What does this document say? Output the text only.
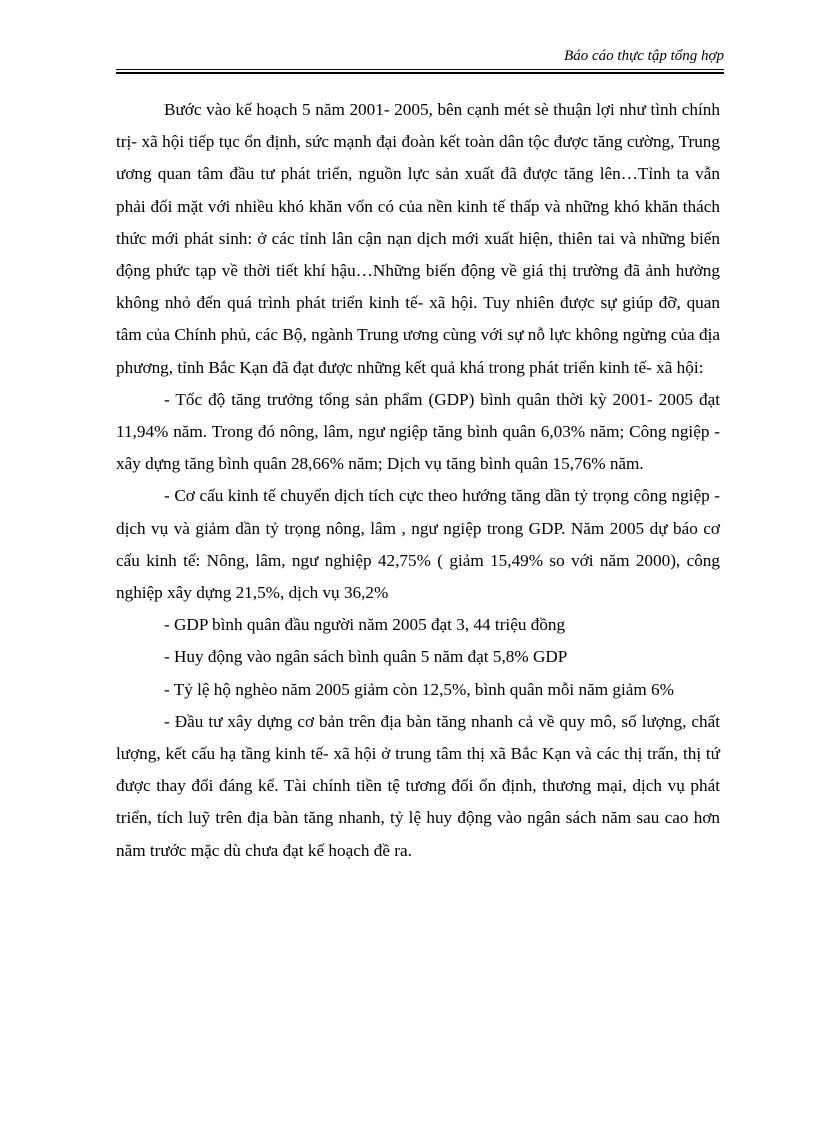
Báo cáo thực tập tổng hợp

Bước vào kế hoạch 5 năm 2001- 2005, bên cạnh mét sè thuận lợi như tình chính trị- xã hội tiếp tục ổn định, sức mạnh đại đoàn kết toàn dân tộc được tăng cường, Trung ương quan tâm đầu tư phát triển, nguồn lực sản xuất đã được tăng lên…Tỉnh ta vẫn phải đối mặt với nhiều khó khăn vốn có của nền kinh tế thấp và những khó khăn thách thức mới phát sinh: ở các tỉnh lân cận nạn dịch mới xuất hiện, thiên tai và những biến động phức tạp về thời tiết khí hậu…Những biến động về giá thị trường đã ảnh hưởng không nhỏ đến quá trình phát triển kinh tế- xã hội. Tuy nhiên được sự giúp đỡ, quan tâm của Chính phủ, các Bộ, ngành Trung ương cùng với sự nỗ lực không ngừng của địa phương, tỉnh Bắc Kạn đã đạt được những kết quả khá trong phát triển kinh tế- xã hội:

- Tốc độ tăng trưởng tổng sản phẩm (GDP) bình quân thời kỳ 2001- 2005 đạt 11,94% năm. Trong đó nông, lâm, ngư ngiệp tăng bình quân 6,03% năm; Công ngiệp - xây dựng tăng bình quân 28,66% năm; Dịch vụ tăng bình quân 15,76% năm.

- Cơ cấu kinh tế chuyển dịch tích cực theo hướng tăng dần tỷ trọng công ngiệp - dịch vụ và giảm dần tỷ trọng nông, lâm , ngư ngiệp trong GDP. Năm 2005 dự báo cơ cấu kinh tế: Nông, lâm, ngư nghiệp 42,75% ( giảm 15,49% so với năm 2000), công nghiệp xây dựng 21,5%, dịch vụ 36,2%

- GDP bình quân đầu người năm 2005 đạt 3, 44 triệu đồng

- Huy động vào ngân sách bình quân 5 năm đạt 5,8% GDP

- Tỷ lệ hộ nghèo năm 2005 giảm còn 12,5%, bình quân mỗi năm giảm 6%

- Đầu tư xây dựng cơ bản trên địa bàn tăng nhanh cả về quy mô, số lượng, chất lượng, kết cấu hạ tầng kinh tế- xã hội ở trung tâm thị xã Bắc Kạn và các thị trấn, thị tứ được thay đổi đáng kể. Tài chính tiền tệ tương đối ổn định, thương mại, dịch vụ phát triển, tích luỹ trên địa bàn tăng nhanh, tỷ lệ huy động vào ngân sách năm sau cao hơn năm trước mặc dù chưa đạt kế hoạch đề ra.
